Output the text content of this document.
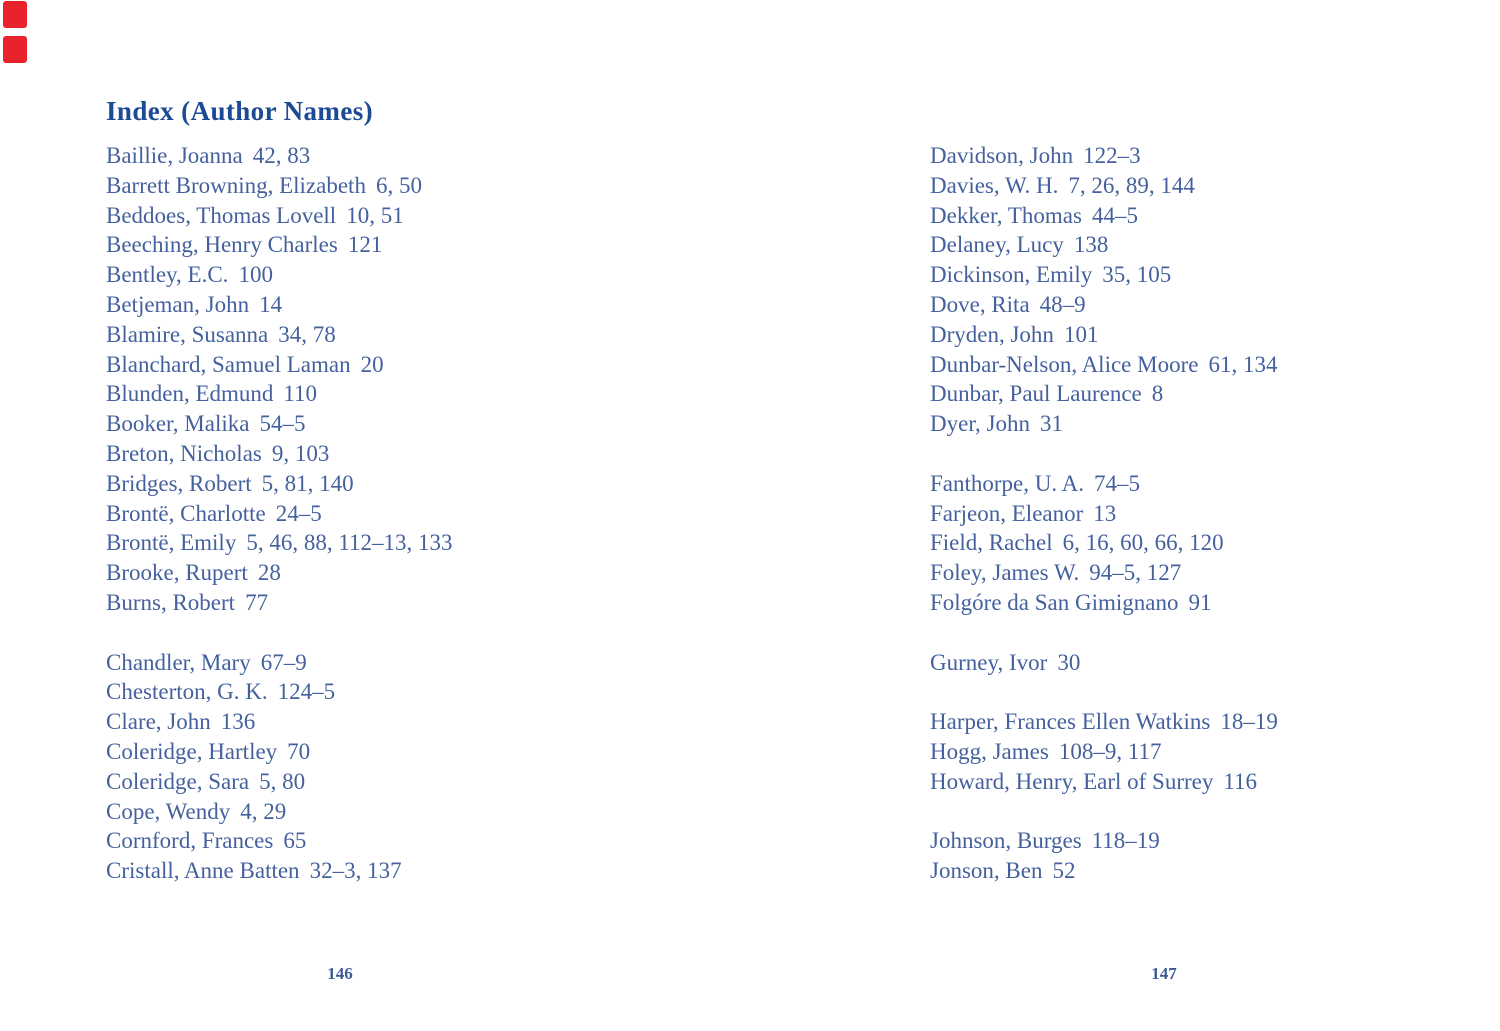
Index (Author Names)
Baillie, Joanna 42, 83
Barrett Browning, Elizabeth 6, 50
Beddoes, Thomas Lovell 10, 51
Beeching, Henry Charles 121
Bentley, E.C. 100
Betjeman, John 14
Blamire, Susanna 34, 78
Blanchard, Samuel Laman 20
Blunden, Edmund 110
Booker, Malika 54–5
Breton, Nicholas 9, 103
Bridges, Robert 5, 81, 140
Brontë, Charlotte 24–5
Brontë, Emily 5, 46, 88, 112–13, 133
Brooke, Rupert 28
Burns, Robert 77
Chandler, Mary 67–9
Chesterton, G. K. 124–5
Clare, John 136
Coleridge, Hartley 70
Coleridge, Sara 5, 80
Cope, Wendy 4, 29
Cornford, Frances 65
Cristall, Anne Batten 32–3, 137
Davidson, John 122–3
Davies, W. H. 7, 26, 89, 144
Dekker, Thomas 44–5
Delaney, Lucy 138
Dickinson, Emily 35, 105
Dove, Rita 48–9
Dryden, John 101
Dunbar-Nelson, Alice Moore 61, 134
Dunbar, Paul Laurence 8
Dyer, John 31
Fanthorpe, U. A. 74–5
Farjeon, Eleanor 13
Field, Rachel 6, 16, 60, 66, 120
Foley, James W. 94–5, 127
Folgóre da San Gimignano 91
Gurney, Ivor 30
Harper, Frances Ellen Watkins 18–19
Hogg, James 108–9, 117
Howard, Henry, Earl of Surrey 116
Johnson, Burges 118–19
Jonson, Ben 52
146	147
